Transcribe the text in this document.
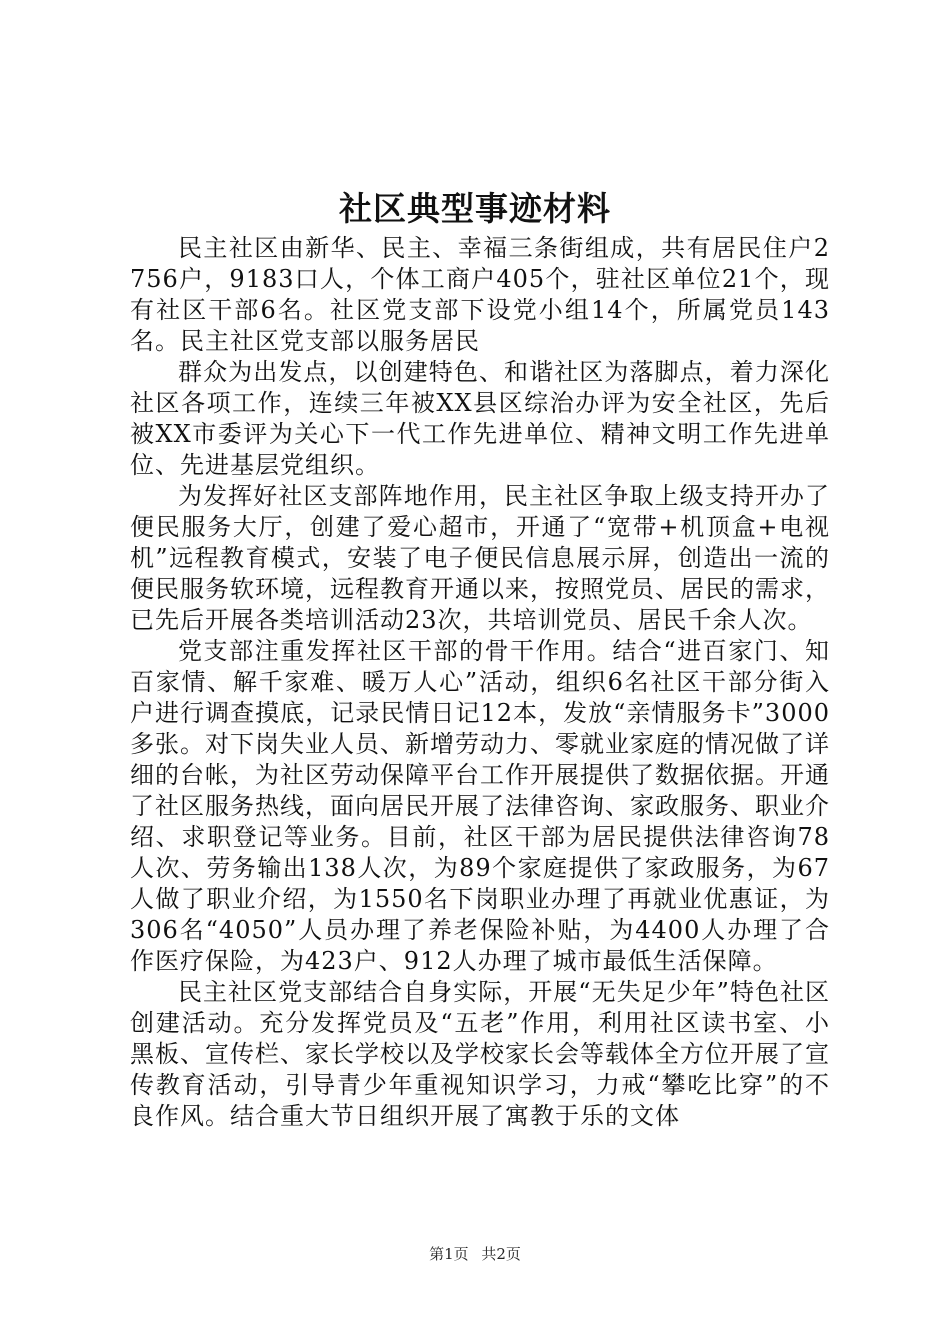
社区典型事迹材料

民主社区由新华、民主、幸福三条街组成，共有居民住户2756户，9183口人，个体工商户405个，驻社区单位21个，现有社区干部6名。社区党支部下设党小组14个，所属党员143名。民主社区党支部以服务居民

群众为出发点，以创建特色、和谐社区为落脚点，着力深化社区各项工作，连续三年被XX县区综治办评为安全社区，先后被XX市委评为关心下一代工作先进单位、精神文明工作先进单位、先进基层党组织。

为发挥好社区支部阵地作用，民主社区争取上级支持开办了便民服务大厅，创建了爱心超市，开通了“宽带+机顶盒+电视机”远程教育模式，安装了电子便民信息展示屏，创造出一流的便民服务软环境，远程教育开通以来，按照党员、居民的需求，已先后开展各类培训活动23次，共培训党员、居民千余人次。

党支部注重发挥社区干部的骨干作用。结合“进百家门、知百家情、解千家难、暖万人心”活动，组织6名社区干部分街入户进行调查摸底，记录民情日记12本，发放“亲情服务卡”3000多张。对下岗失业人员、新增劳动力、零就业家庭的情况做了详细的台帐，为社区劳动保障平台工作开展提供了数据依据。开通了社区服务热线，面向居民开展了法律咨询、家政服务、职业介绍、求职登记等业务。目前，社区干部为居民提供法律咨询78人次、劳务输出138人次，为89个家庭提供了家政服务，为67人做了职业介绍，为1550名下岗职业办理了再就业优惠证，为306名“4050”人员办理了养老保险补贴，为4400人办理了合作医疗保险，为423户、912人办理了城市最低生活保障。

民主社区党支部结合自身实际，开展“无失足少年”特色社区创建活动。充分发挥党员及“五老”作用，利用社区读书室、小黑板、宣传栏、家长学校以及学校家长会等载体全方位开展了宣传教育活动，引导青少年重视知识学习，力戒“攀吃比穿”的不良作风。结合重大节日组织开展了寓教于乐的文体

第1页 共2页
